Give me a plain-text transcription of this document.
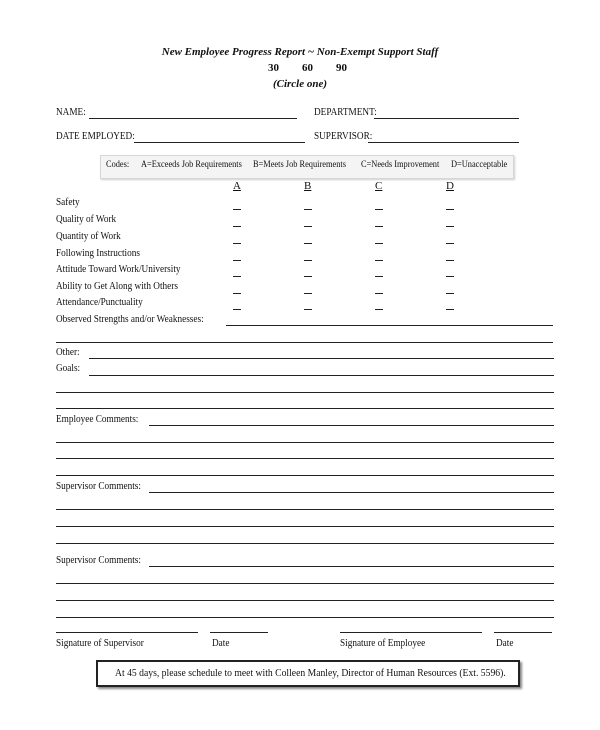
New Employee Progress Report ~ Non-Exempt Support Staff
30 60 90
(Circle one)
NAME:	DEPARTMENT:
DATE EMPLOYED:	SUPERVISOR:
Codes: A=Exceeds Job Requirements B=Meets Job Requirements C=Needs Improvement D=Unacceptable
A	B	C	D
Safety
Quality of Work
Quantity of Work
Following Instructions
Attitude Toward Work/University
Ability to Get Along with Others
Attendance/Punctuality
Observed Strengths and/or Weaknesses:
Other:
Goals:
Employee Comments:
Supervisor Comments:
Supervisor Comments:
Signature of Supervisor	Date	Signature of Employee	Date
At 45 days, please schedule to meet with Colleen Manley, Director of Human Resources (Ext. 5596).
